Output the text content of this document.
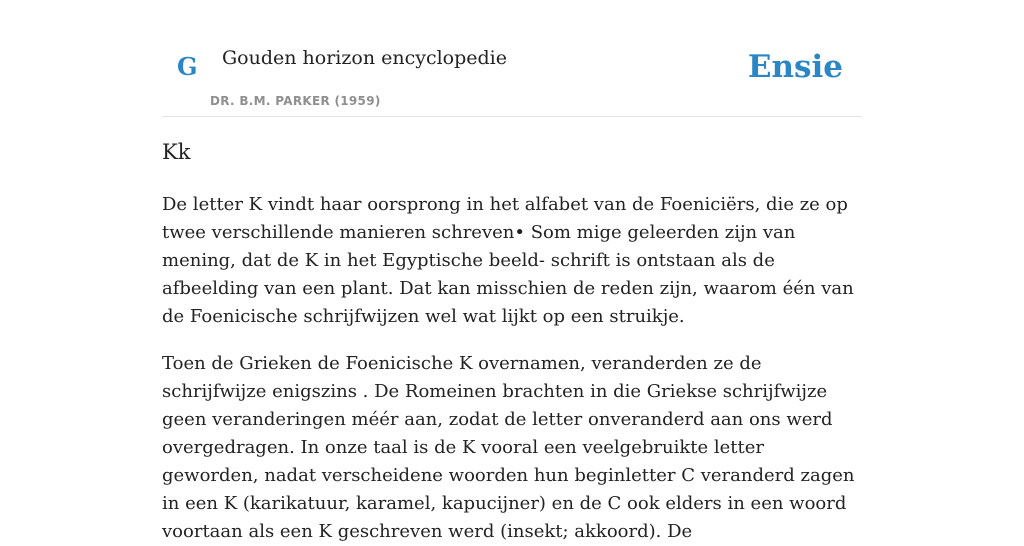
G Gouden horizon encyclopedie
DR. B.M. PARKER (1959)
Ensie
Kk

De letter K vindt haar oorsprong in het alfabet van de Foeniciërs, die ze op twee verschillende manieren schreven• Som mige geleerden zijn van mening, dat de K in het Egyptische beeld- schrift is ontstaan als de afbeelding van een plant. Dat kan misschien de reden zijn, waarom één van de Foenicische schrijfwijzen wel wat lijkt op een struikje.

Toen de Grieken de Foenicische K overnamen, veranderden ze de schrijfwijze enigszins . De Romeinen brachten in die Griekse schrijfwijze geen veranderingen méér aan, zodat de letter onveranderd aan ons werd overgedragen. In onze taal is de K vooral een veelgebruikte letter geworden, nadat verscheidene woorden hun beginletter C veranderd zagen in een K (karikatuur, karamel, kapucijner) en de C ook elders in een woord voortaan als een K geschreven werd (insekt; akkoord). De
